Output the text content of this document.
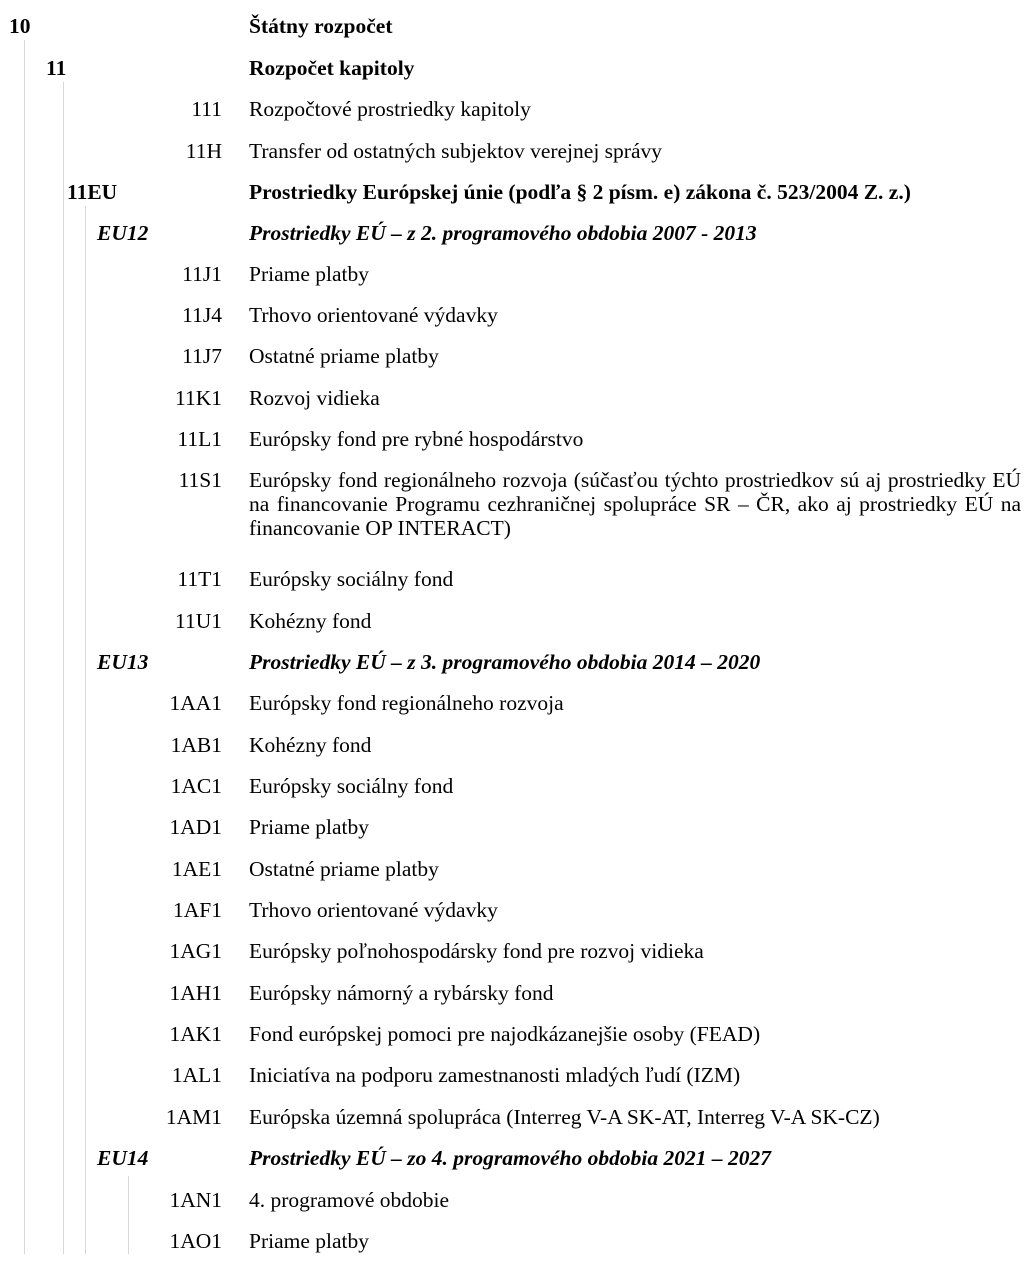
10	Štátny rozpočet
11	Rozpočet kapitoly
111 Rozpočtové prostriedky kapitoly
11H Transfer od ostatných subjektov verejnej správy
11EU	Prostriedky Európskej únie (podľa § 2 písm. e) zákona č. 523/2004 Z. z.)
EU12	Prostriedky EÚ – z 2. programového obdobia 2007 - 2013
11J1 Priame platby
11J4 Trhovo orientované výdavky
11J7 Ostatné priame platby
11K1 Rozvoj vidieka
11L1 Európsky fond pre rybné hospodárstvo
11S1 Európsky fond regionálneho rozvoja (súčasťou týchto prostriedkov sú aj prostriedky EÚ na financovanie Programu cezhraničnej spolupráce SR – ČR, ako aj prostriedky EÚ na financovanie OP INTERACT)
11T1 Európsky sociálny fond
11U1 Kohézny fond
EU13	Prostriedky EÚ – z 3. programového obdobia 2014 – 2020
1AA1 Európsky fond regionálneho rozvoja
1AB1 Kohézny fond
1AC1 Európsky sociálny fond
1AD1 Priame platby
1AE1 Ostatné priame platby
1AF1 Trhovo orientované výdavky
1AG1 Európsky poľnohospodársky fond pre rozvoj vidieka
1AH1 Európsky námorný a rybársky fond
1AK1 Fond európskej pomoci pre najodkázanejšie osoby (FEAD)
1AL1 Iniciatíva na podporu zamestnanosti mladých ľudí (IZM)
1AM1 Európska územná spolupráca (Interreg V-A SK-AT, Interreg V-A SK-CZ)
EU14	Prostriedky EÚ – zo 4. programového obdobia 2021 – 2027
1AN1 4. programové obdobie
1AO1 Priame platby
